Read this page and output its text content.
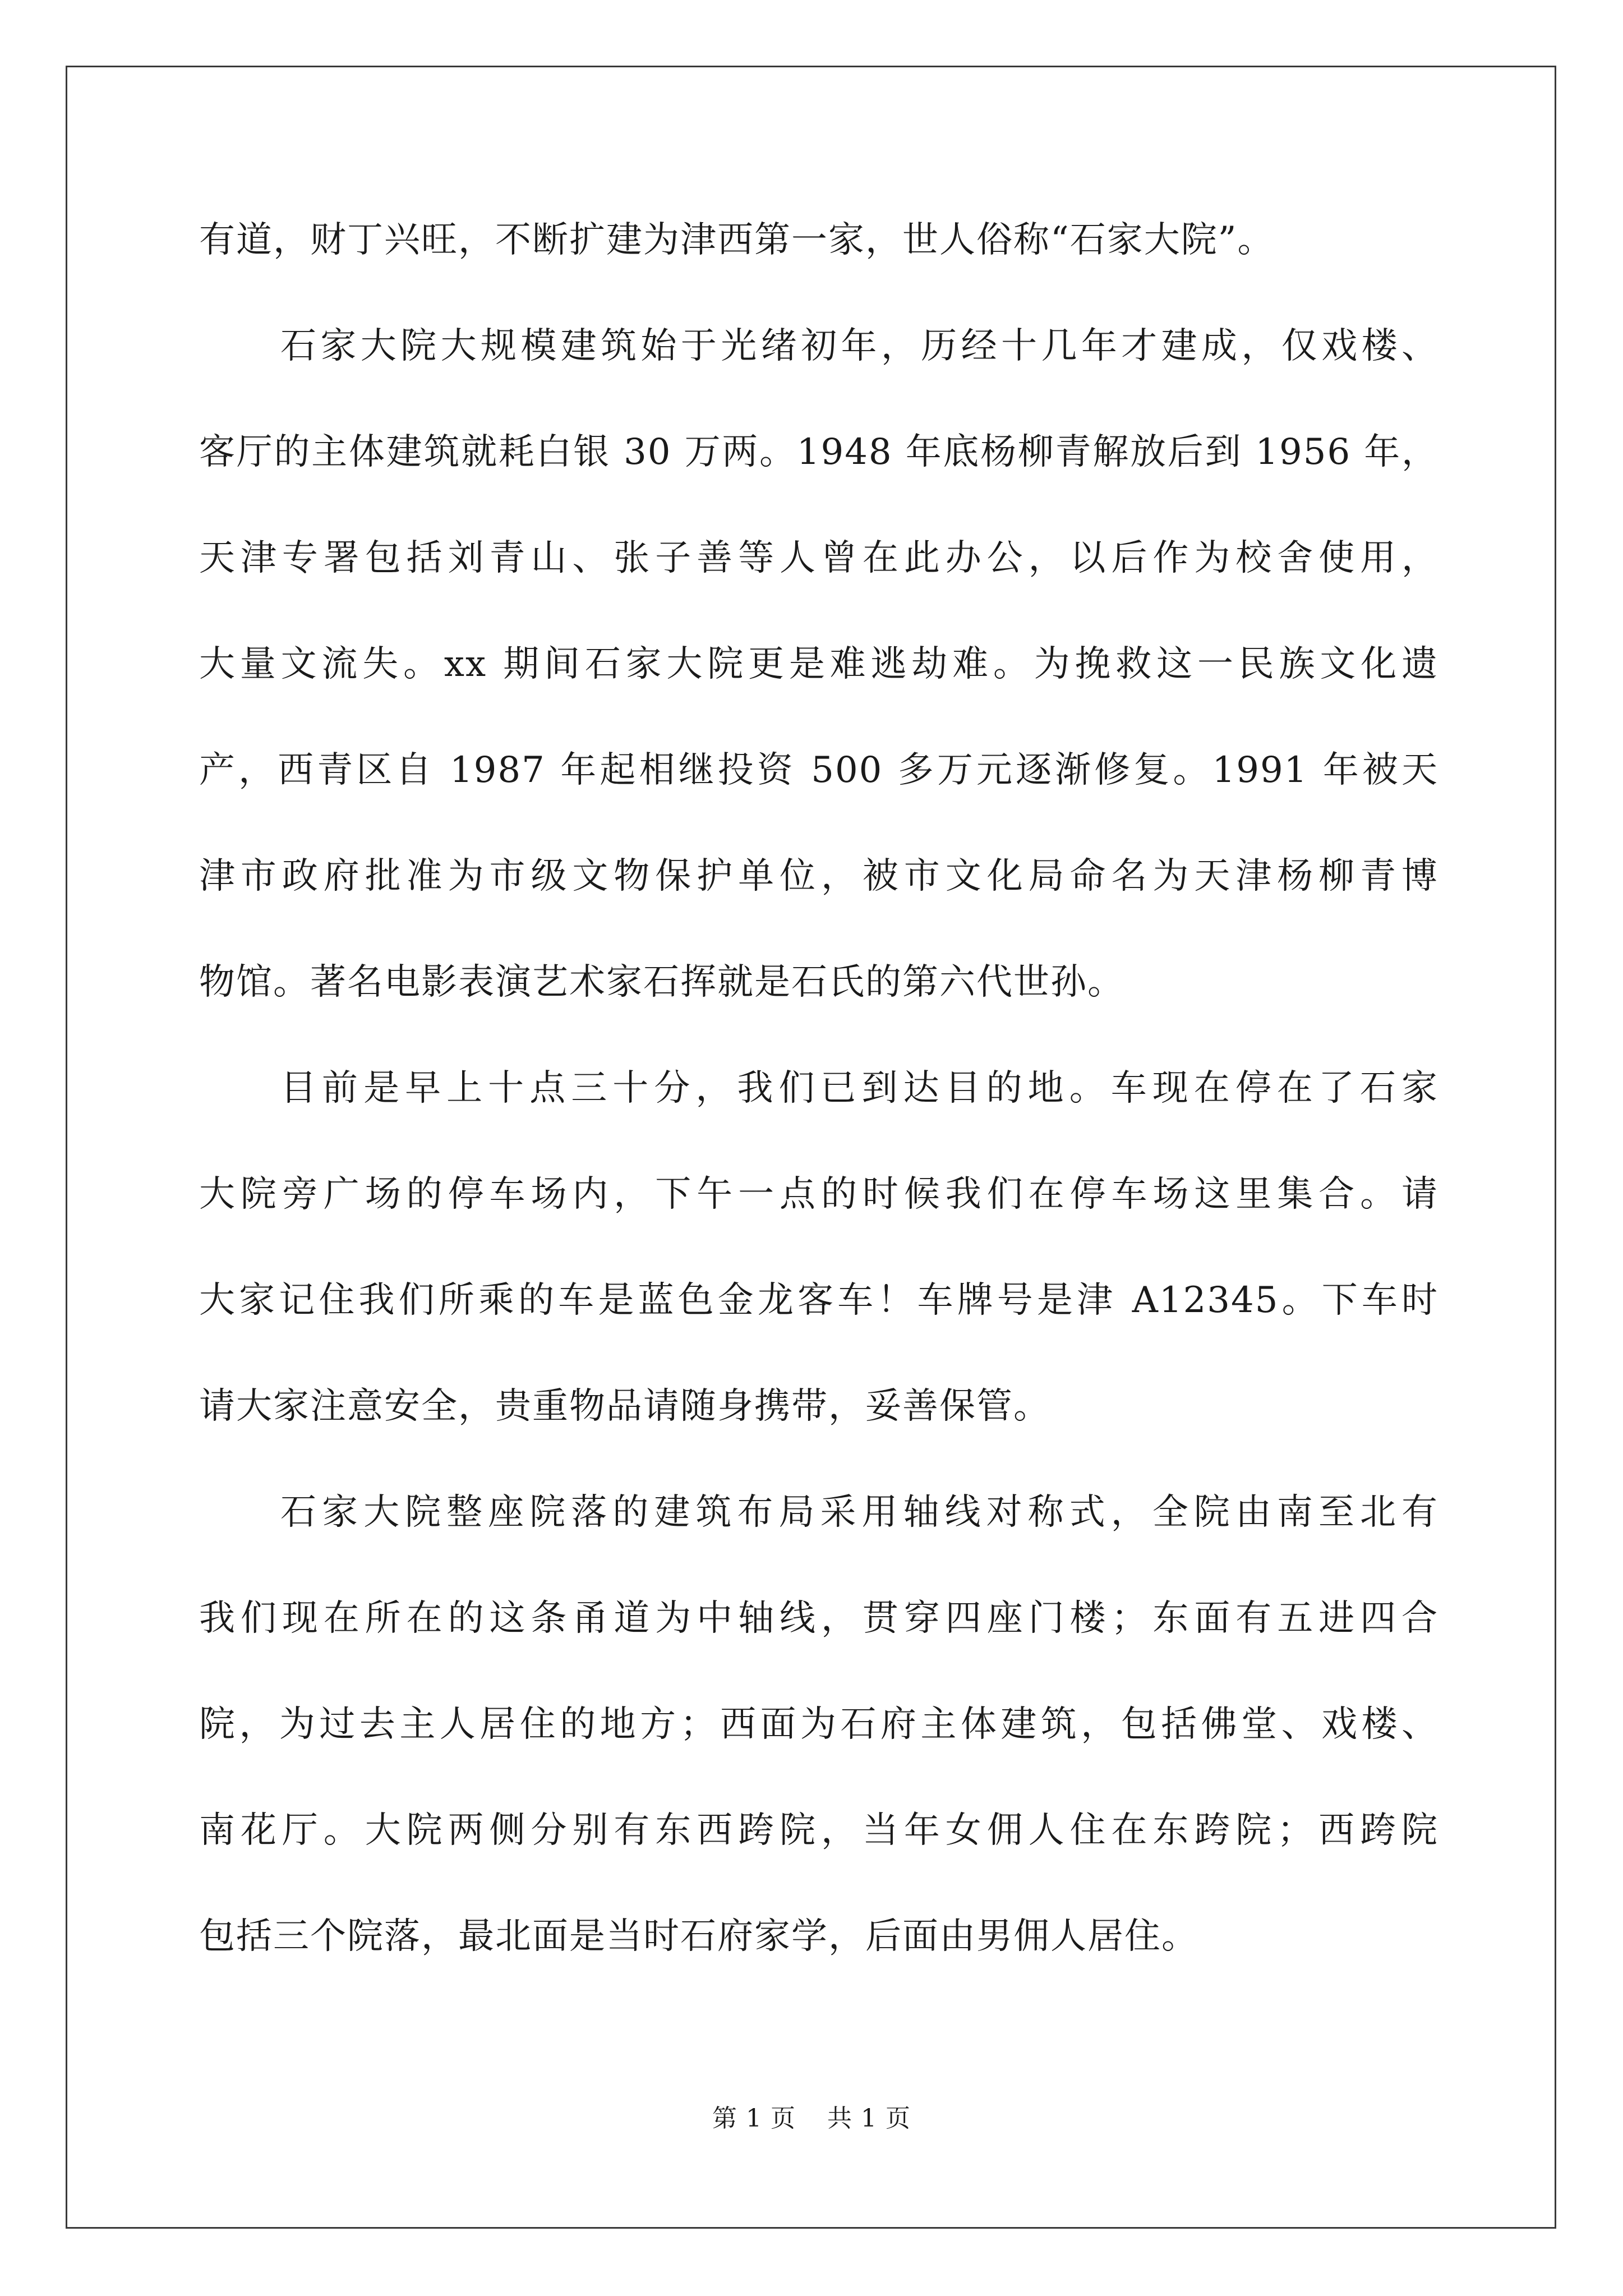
有道，财丁兴旺，不断扩建为津西第一家，世人俗称“石家大院”。

石家大院大规模建筑始于光绪初年，历经十几年才建成，仅戏楼、

客厅的主体建筑就耗白银 30 万两。1948 年底杨柳青解放后到 1956 年，

天津专署包括刘青山、张子善等人曾在此办公，以后作为校舍使用，

大量文流失。xx 期间石家大院更是难逃劫难。为挽救这一民族文化遗

产，西青区自 1987 年起相继投资 500 多万元逐渐修复。1991 年被天

津市政府批准为市级文物保护单位，被市文化局命名为天津杨柳青博

物馆。著名电影表演艺术家石挥就是石氏的第六代世孙。

目前是早上十点三十分，我们已到达目的地。车现在停在了石家

大院旁广场的停车场内，下午一点的时候我们在停车场这里集合。请

大家记住我们所乘的车是蓝色金龙客车！车牌号是津 A12345。下车时

请大家注意安全，贵重物品请随身携带，妥善保管。

石家大院整座院落的建筑布局采用轴线对称式，全院由南至北有

我们现在所在的这条甬道为中轴线，贯穿四座门楼；东面有五进四合

院，为过去主人居住的地方；西面为石府主体建筑，包括佛堂、戏楼、

南花厅。大院两侧分别有东西跨院，当年女佣人住在东跨院；西跨院

包括三个院落，最北面是当时石府家学，后面由男佣人居住。

第 1 页 共 1 页
